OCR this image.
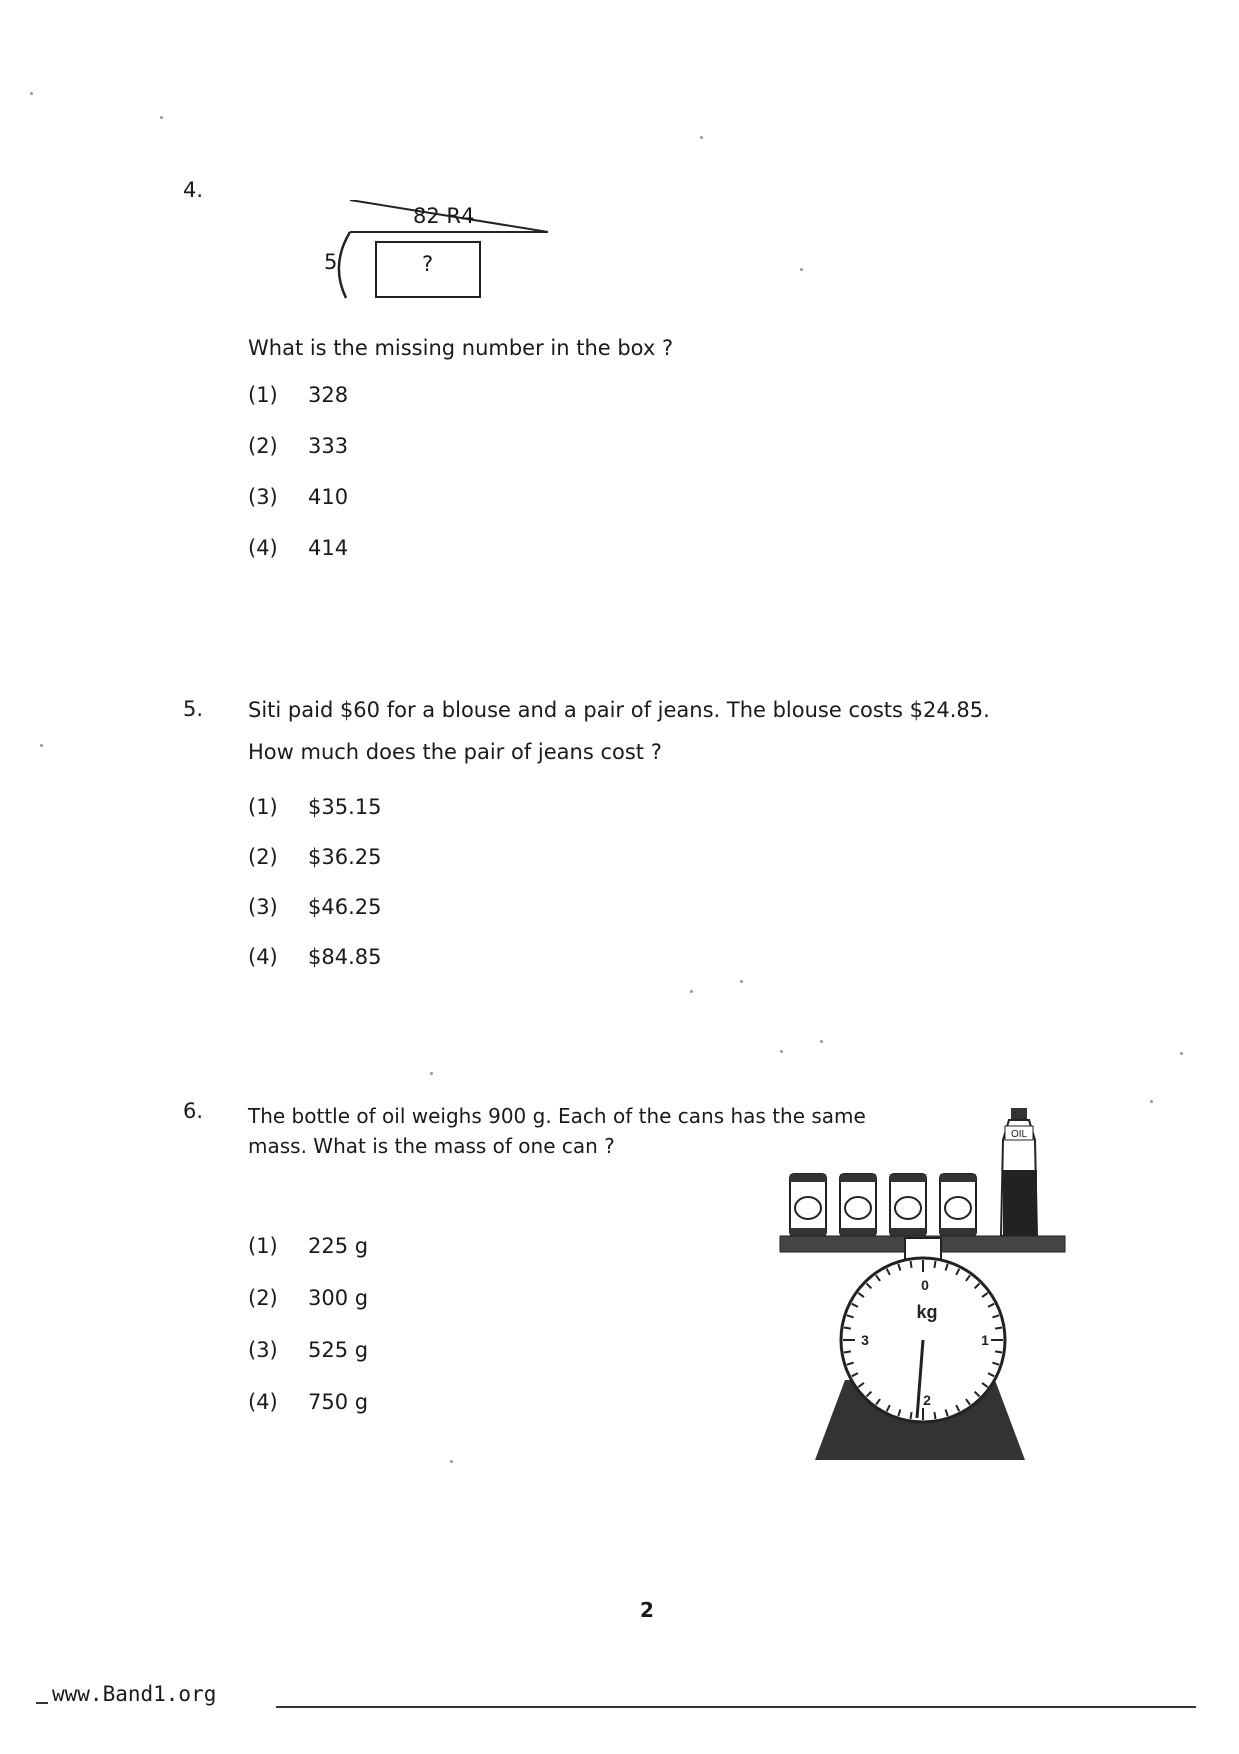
4.
82 R4
5	?
What is the missing number in the box ?
(1) 328
(2) 333
(3) 410
(4) 414
5. Siti paid $60 for a blouse and a pair of jeans. The blouse costs $24.85.
How much does the pair of jeans cost ?
(1) $35.15
(2) $36.25
(3) $46.25
(4) $84.85
6. The bottle of oil weighs 900 g. Each of the cans has the same
mass. What is the mass of one can ?
(1) 225 g
(2) 300 g
(3) 525 g
(4) 750 g
OIL
0
1
2
3
kg
2
www.Band1.org
